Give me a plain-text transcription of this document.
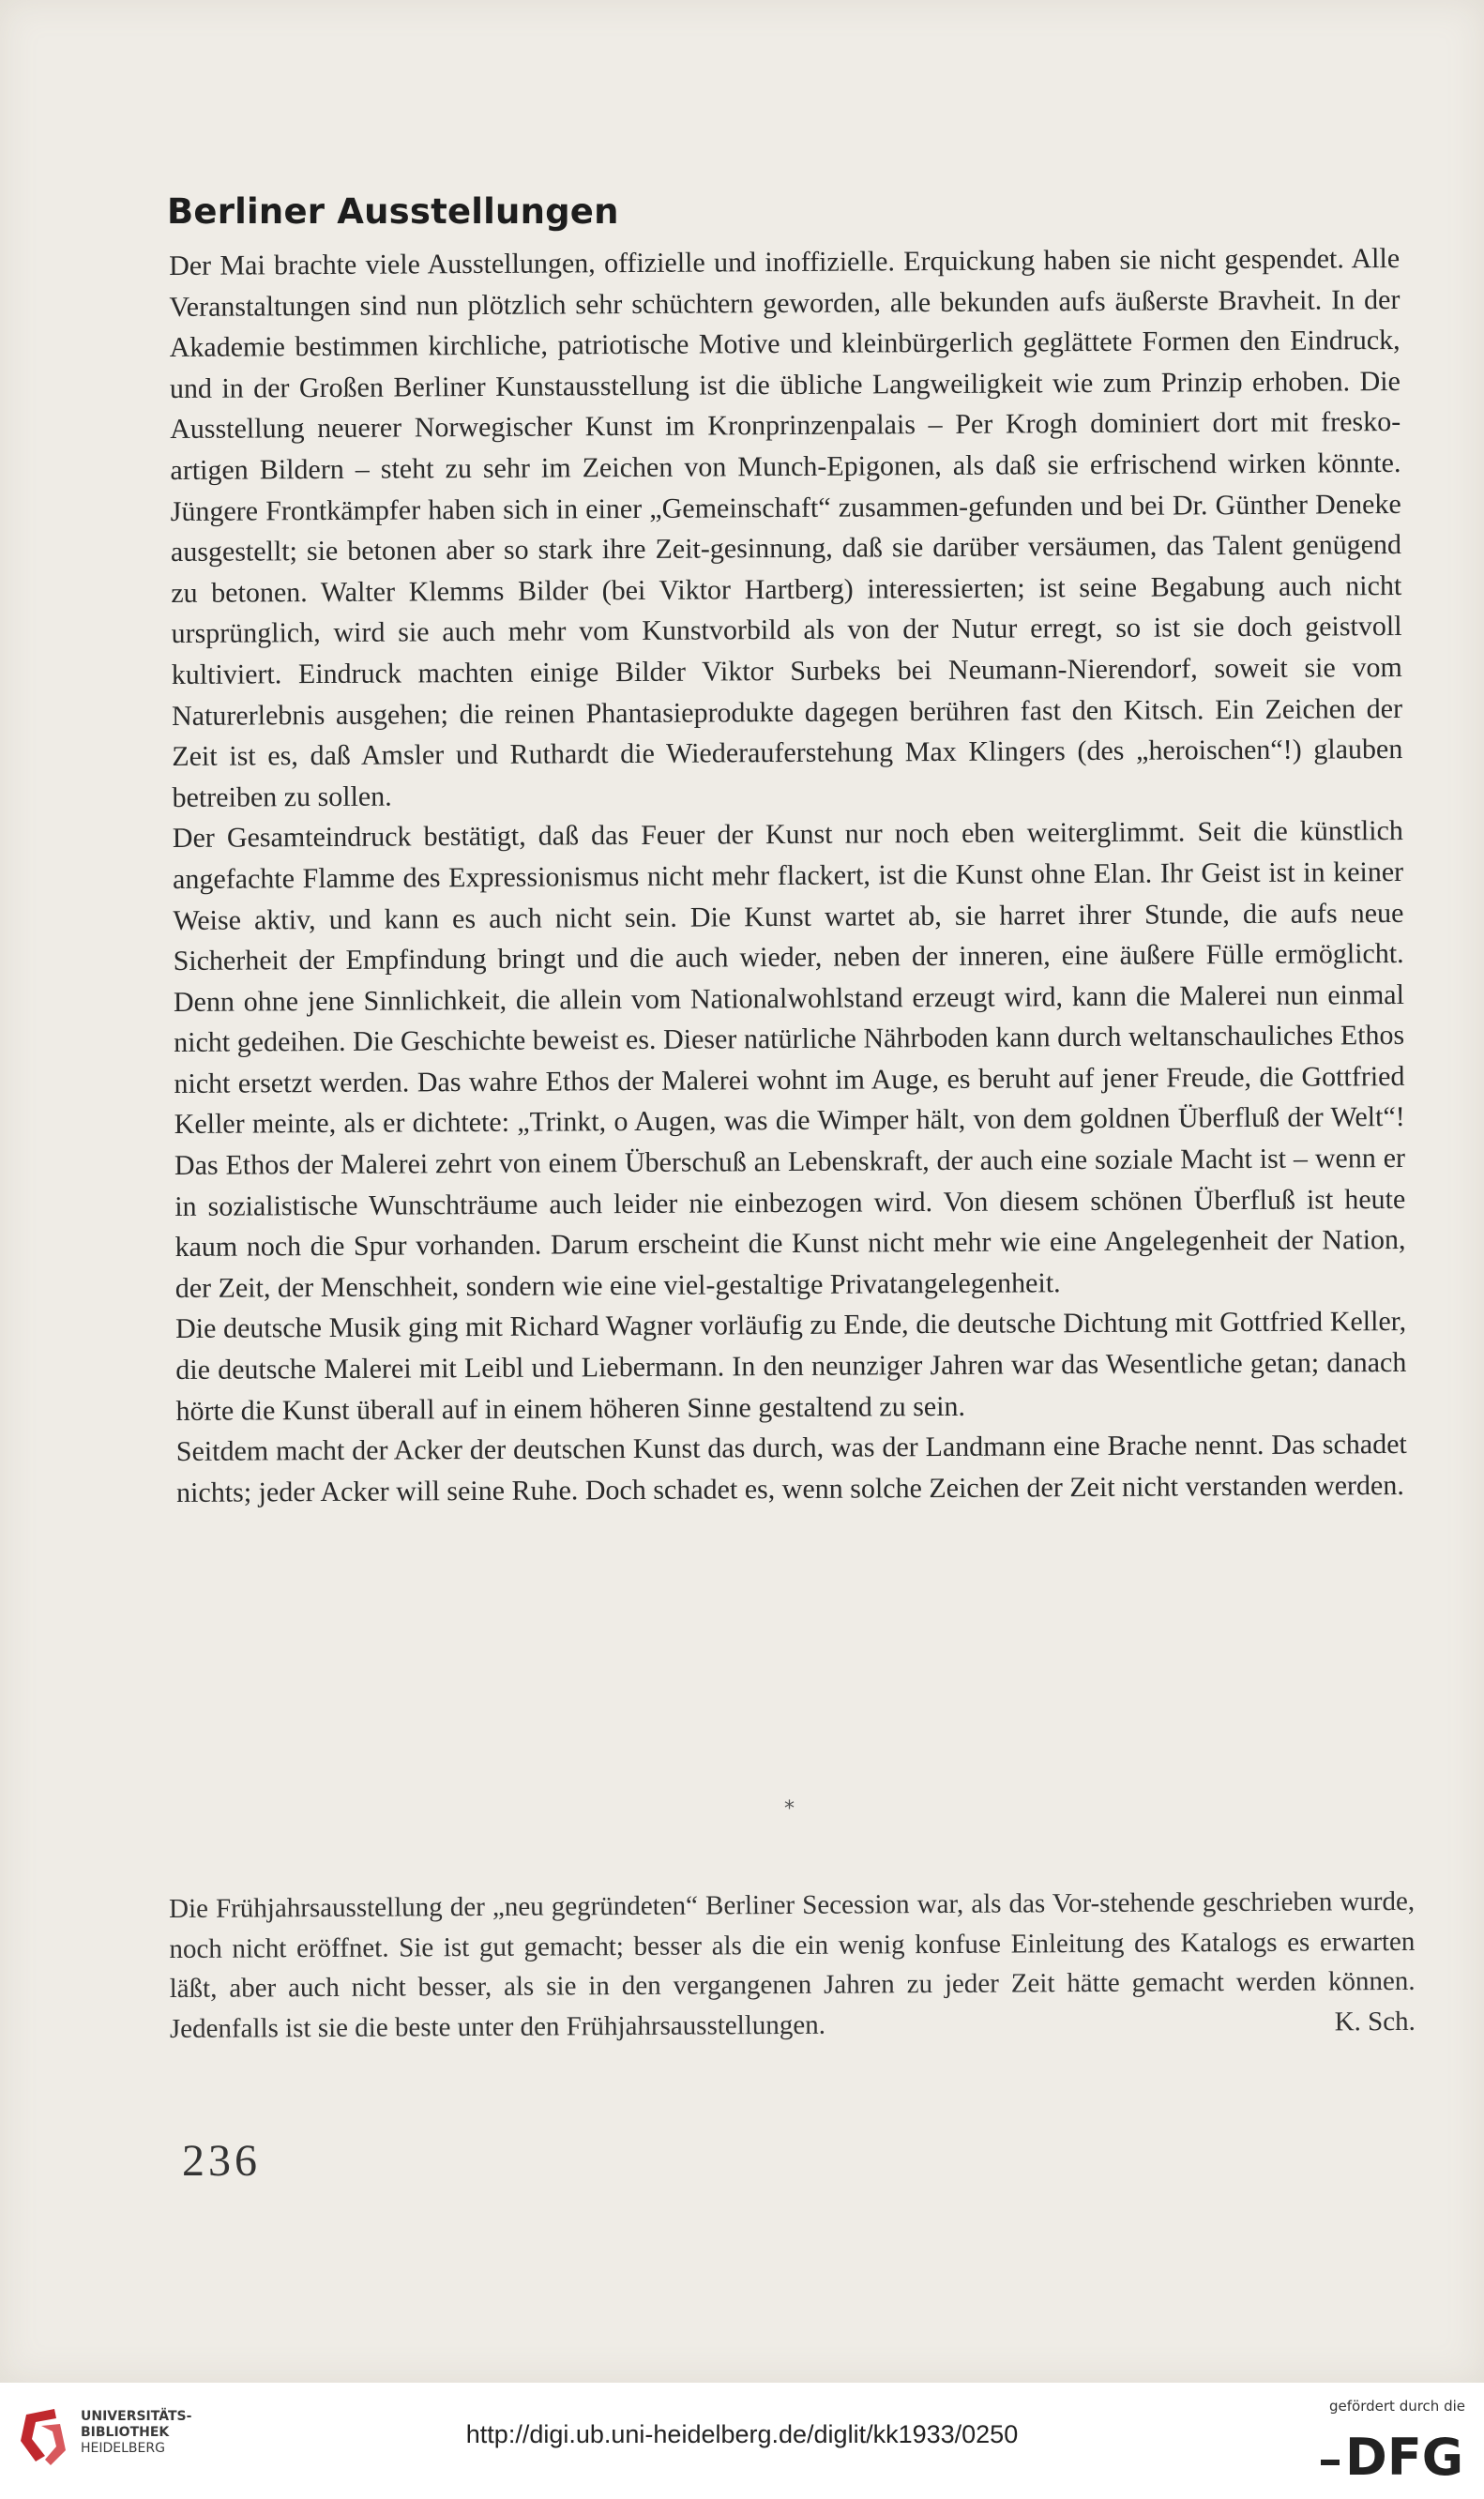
Berliner Ausstellungen

Der Mai brachte viele Ausstellungen, offizielle und inoffizielle. Erquickung haben sie nicht gespendet. Alle Veranstaltungen sind nun plötzlich sehr schüchtern geworden, alle bekunden aufs äußerste Bravheit. In der Akademie bestimmen kirchliche, patriotische Motive und kleinbürgerlich geglättete Formen den Eindruck, und in der Großen Berliner Kunstausstellung ist die übliche Langweiligkeit wie zum Prinzip erhoben. Die Ausstellung neuerer Norwegischer Kunst im Kronprinzenpalais – Per Krogh dominiert dort mit fresko-artigen Bildern – steht zu sehr im Zeichen von Munch-Epigonen, als daß sie erfrischend wirken könnte. Jüngere Frontkämpfer haben sich in einer „Gemeinschaft“ zusammen-gefunden und bei Dr. Günther Deneke ausgestellt; sie betonen aber so stark ihre Zeit-gesinnung, daß sie darüber versäumen, das Talent genügend zu betonen. Walter Klemms Bilder (bei Viktor Hartberg) interessierten; ist seine Begabung auch nicht ursprünglich, wird sie auch mehr vom Kunstvorbild als von der Nutur erregt, so ist sie doch geistvoll kultiviert. Eindruck machten einige Bilder Viktor Surbeks bei Neumann-Nierendorf, soweit sie vom Naturerlebnis ausgehen; die reinen Phantasieprodukte dagegen berühren fast den Kitsch. Ein Zeichen der Zeit ist es, daß Amsler und Ruthardt die Wiederauferstehung Max Klingers (des „heroischen“!) glauben betreiben zu sollen.

Der Gesamteindruck bestätigt, daß das Feuer der Kunst nur noch eben weiterglimmt. Seit die künstlich angefachte Flamme des Expressionismus nicht mehr flackert, ist die Kunst ohne Elan. Ihr Geist ist in keiner Weise aktiv, und kann es auch nicht sein. Die Kunst wartet ab, sie harret ihrer Stunde, die aufs neue Sicherheit der Empfindung bringt und die auch wieder, neben der inneren, eine äußere Fülle ermöglicht. Denn ohne jene Sinnlichkeit, die allein vom Nationalwohlstand erzeugt wird, kann die Malerei nun einmal nicht gedeihen. Die Geschichte beweist es. Dieser natürliche Nährboden kann durch weltanschauliches Ethos nicht ersetzt werden. Das wahre Ethos der Malerei wohnt im Auge, es beruht auf jener Freude, die Gottfried Keller meinte, als er dichtete: „Trinkt, o Augen, was die Wimper hält, von dem goldnen Überfluß der Welt“! Das Ethos der Malerei zehrt von einem Überschuß an Lebenskraft, der auch eine soziale Macht ist – wenn er in sozialistische Wunschträume auch leider nie einbezogen wird. Von diesem schönen Überfluß ist heute kaum noch die Spur vorhanden. Darum erscheint die Kunst nicht mehr wie eine Angelegenheit der Nation, der Zeit, der Menschheit, sondern wie eine viel-gestaltige Privatangelegenheit.

Die deutsche Musik ging mit Richard Wagner vorläufig zu Ende, die deutsche Dichtung mit Gottfried Keller, die deutsche Malerei mit Leibl und Liebermann. In den neunziger Jahren war das Wesentliche getan; danach hörte die Kunst überall auf in einem höheren Sinne gestaltend zu sein.

Seitdem macht der Acker der deutschen Kunst das durch, was der Landmann eine Brache nennt. Das schadet nichts; jeder Acker will seine Ruhe. Doch schadet es, wenn solche Zeichen der Zeit nicht verstanden werden.

*

Die Frühjahrsausstellung der „neu gegründeten“ Berliner Secession war, als das Vor-stehende geschrieben wurde, noch nicht eröffnet. Sie ist gut gemacht; besser als die ein wenig konfuse Einleitung des Katalogs es erwarten läßt, aber auch nicht besser, als sie in den vergangenen Jahren zu jeder Zeit hätte gemacht werden können. Jedenfalls ist sie die beste unter den Frühjahrsausstellungen.	K. Sch.

236
UNIVERSITÄTS-
BIBLIOTHEK
HEIDELBERG	http://digi.ub.uni-heidelberg.de/diglit/kk1933/0250
gefördert durch die
DFG
